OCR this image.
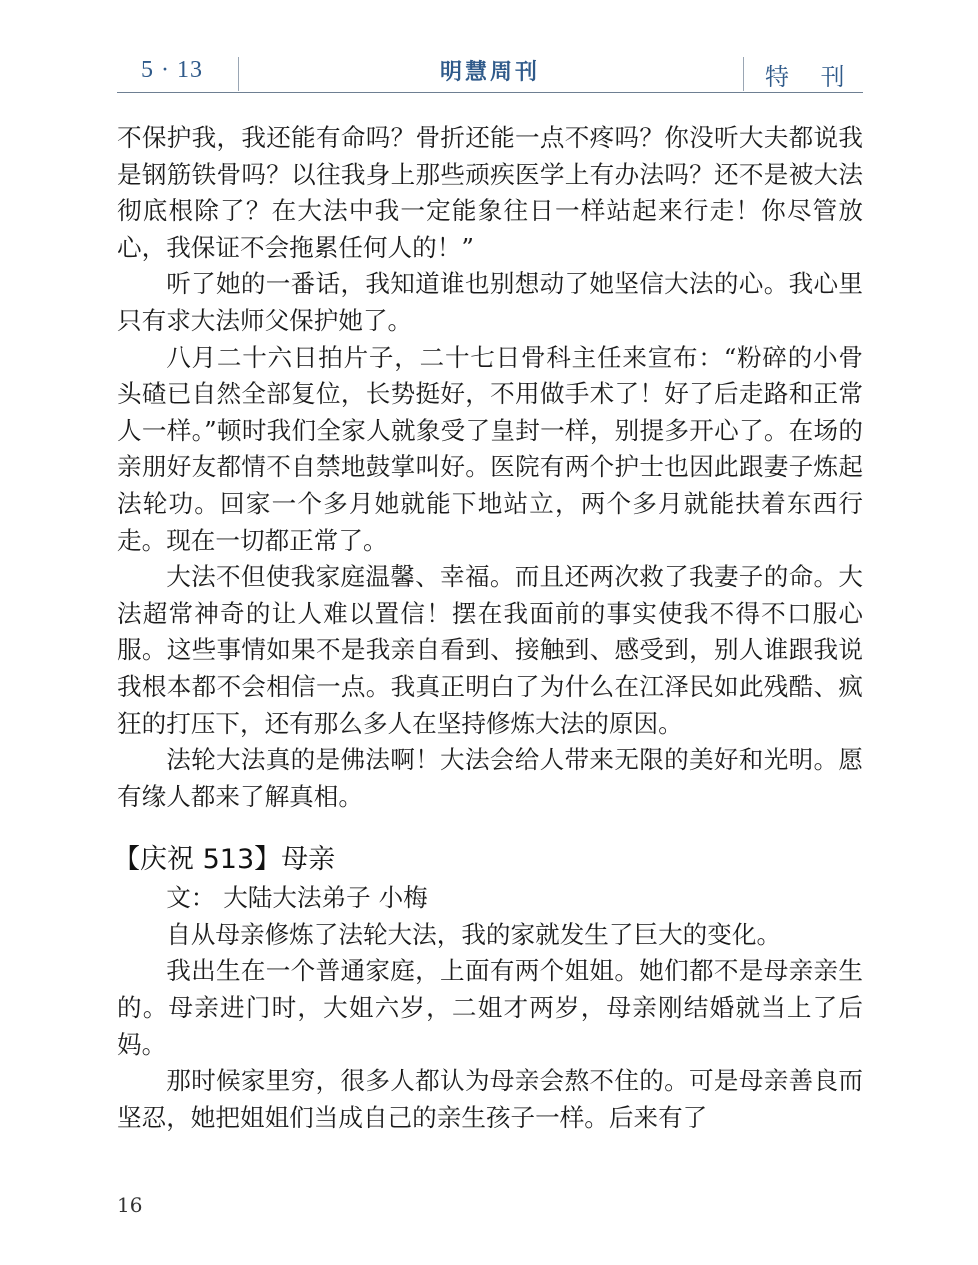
5 · 13	明慧周刊	特 刊

不保护我，我还能有命吗？骨折还能一点不疼吗？你没听大夫都说我是钢筋铁骨吗？以往我身上那些顽疾医学上有办法吗？还不是被大法彻底根除了？在大法中我一定能象往日一样站起来行走！你尽管放心，我保证不会拖累任何人的！”

听了她的一番话，我知道谁也别想动了她坚信大法的心。我心里只有求大法师父保护她了。

八月二十六日拍片子，二十七日骨科主任来宣布：“粉碎的小骨头碴已自然全部复位，长势挺好，不用做手术了！好了后走路和正常人一样。”顿时我们全家人就象受了皇封一样，别提多开心了。在场的亲朋好友都情不自禁地鼓掌叫好。医院有两个护士也因此跟妻子炼起法轮功。回家一个多月她就能下地站立，两个多月就能扶着东西行走。现在一切都正常了。

大法不但使我家庭温馨、幸福。而且还两次救了我妻子的命。大法超常神奇的让人难以置信！摆在我面前的事实使我不得不口服心服。这些事情如果不是我亲自看到、接触到、感受到，别人谁跟我说我根本都不会相信一点。我真正明白了为什么在江泽民如此残酷、疯狂的打压下，还有那么多人在坚持修炼大法的原因。

法轮大法真的是佛法啊！大法会给人带来无限的美好和光明。愿有缘人都来了解真相。

【庆祝 513】母亲

文： 大陆大法弟子 小梅

自从母亲修炼了法轮大法，我的家就发生了巨大的变化。

我出生在一个普通家庭，上面有两个姐姐。她们都不是母亲亲生的。母亲进门时，大姐六岁，二姐才两岁，母亲刚结婚就当上了后妈。

那时候家里穷，很多人都认为母亲会熬不住的。可是母亲善良而坚忍，她把姐姐们当成自己的亲生孩子一样。后来有了

16
